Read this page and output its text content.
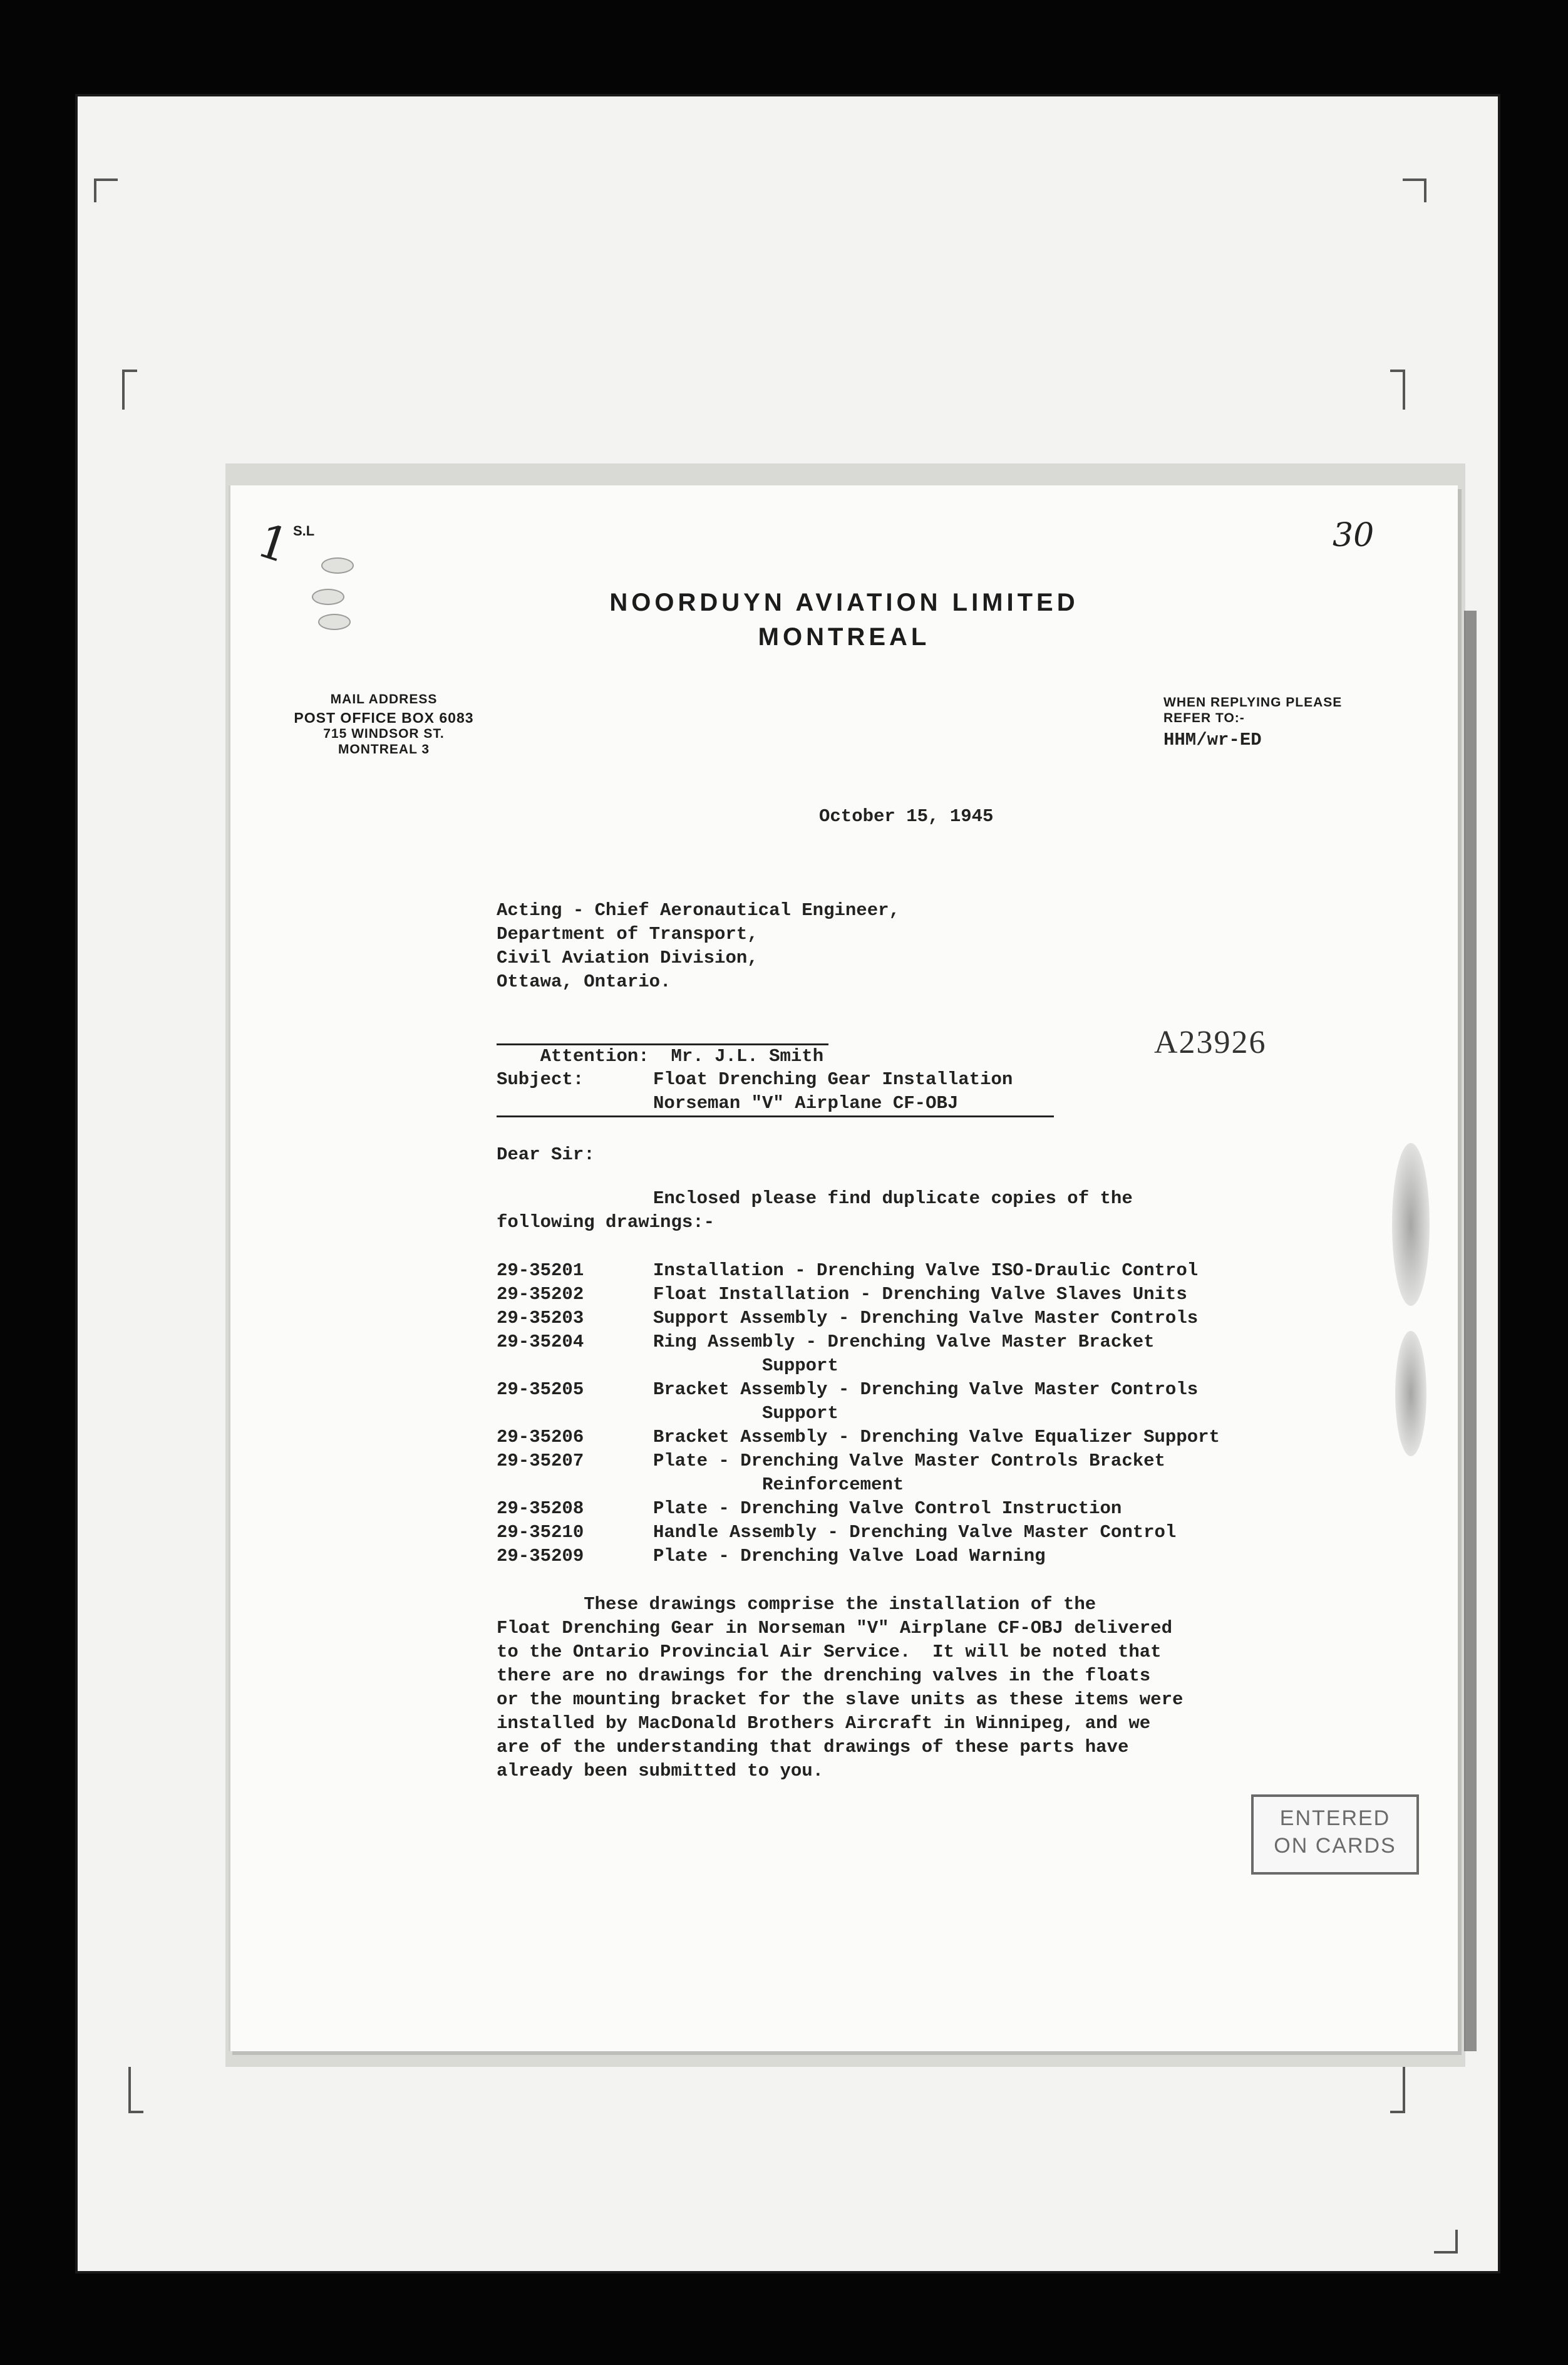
1
S.L	30
NOORDUYN AVIATION LIMITED
MONTREAL
MAIL ADDRESS
POST OFFICE BOX 6083
715 WINDSOR ST.
MONTREAL 3
WHEN REPLYING PLEASE
REFER TO:-
HHM/wr-ED
October 15, 1945
Acting - Chief Aeronautical Engineer,
Department of Transport,
Civil Aviation Division,
Ottawa, Ontario.

Attention: Mr. J.L. Smith
	A23926
Subject:	Float Drenching Gear Installation
Norseman "V" Airplane CF-OBJ
Dear Sir:
Enclosed please find duplicate copies of the
following drawings:-
29-35201	Installation - Drenching Valve ISO-Draulic Control
29-35202	Float Installation - Drenching Valve Slaves Units
29-35203	Support Assembly - Drenching Valve Master Controls
29-35204	Ring Assembly - Drenching Valve Master Bracket
Support
29-35205	Bracket Assembly - Drenching Valve Master Controls
Support
29-35206	Bracket Assembly - Drenching Valve Equalizer Support
29-35207	Plate - Drenching Valve Master Controls Bracket
Reinforcement
29-35208	Plate - Drenching Valve Control Instruction
29-35210	Handle Assembly - Drenching Valve Master Control
29-35209	Plate - Drenching Valve Load Warning
These drawings comprise the installation of the
Float Drenching Gear in Norseman "V" Airplane CF-OBJ delivered
to the Ontario Provincial Air Service.  It will be noted that
there are no drawings for the drenching valves in the floats
or the mounting bracket for the slave units as these items were
installed by MacDonald Brothers Aircraft in Winnipeg, and we
are of the understanding that drawings of these parts have
already been submitted to you.
ENTERED
ON CARDS
